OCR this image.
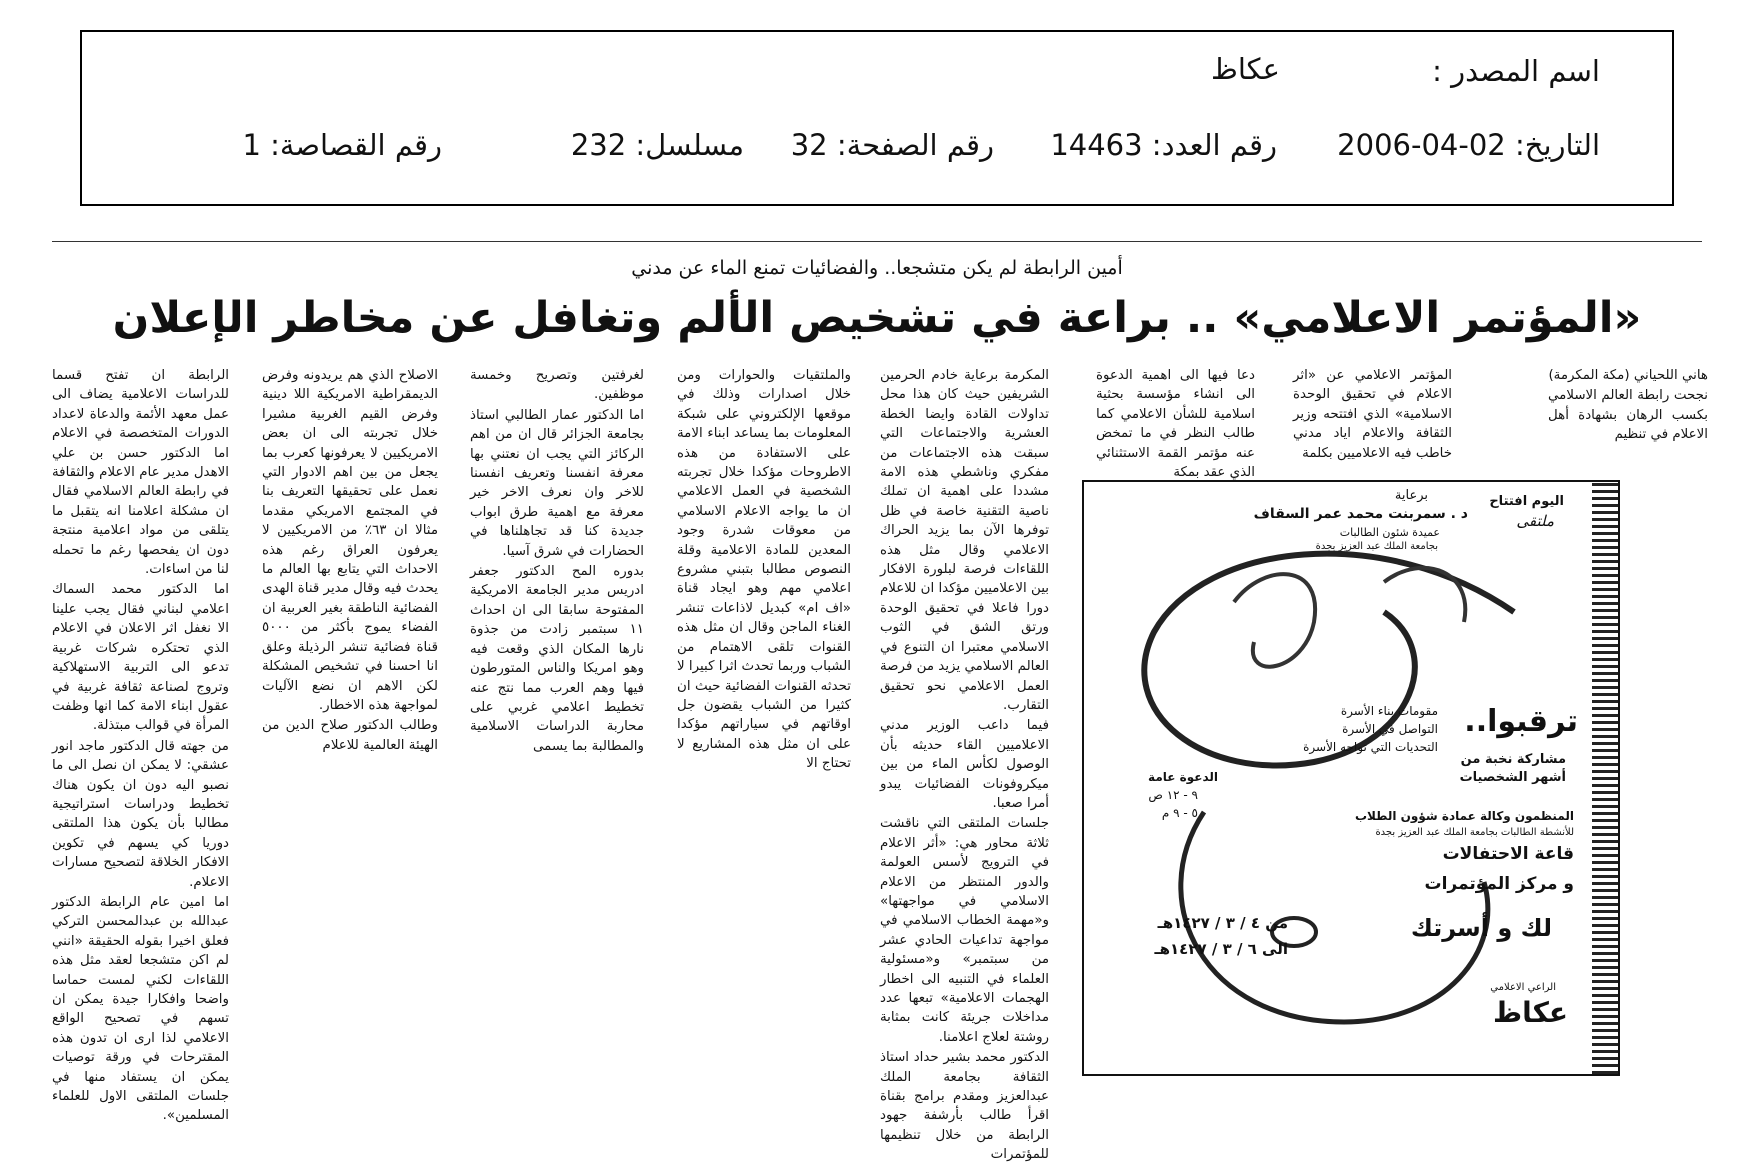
اسم المصدر :
عكاظ
التاريخ: 02-04-2006
رقم العدد: 14463
رقم الصفحة: 32
مسلسل: 232
رقم القصاصة: 1
أمين الرابطة لم يكن متشجعا.. والفضائيات تمنع الماء عن مدني
«المؤتمر الاعلامي» .. براعة في تشخيص الألم وتغافل عن مخاطر الإعلان

هاني اللحياني (مكة المكرمة)

نجحت رابطة العالم الاسلامي بكسب الرهان بشهادة أهل الاعلام في تنظيم

المؤتمر الاعلامي عن «اثر الاعلام في تحقيق الوحدة الاسلامية» الذي افتتحه وزير الثقافة والاعلام اياد مدني خاطب فيه الاعلاميين بكلمة

دعا فيها الى اهمية الدعوة الى انشاء مؤسسة بحثية اسلامية للشأن الاعلامي كما طالب النظر في ما تمخض عنه مؤتمر القمة الاستثنائي الذي عقد بمكة

المكرمة برعاية خادم الحرمين الشريفين حيث كان هذا محل تداولات القادة وايضا الخطة العشرية والاجتماعات التي سبقت هذه الاجتماعات من مفكري وناشطي هذه الامة مشددا على اهمية ان تملك ناصية التقنية خاصة في ظل توفرها الآن بما يزيد الحراك الاعلامي وقال مثل هذه اللقاءات فرصة لبلورة الافكار بين الاعلاميين مؤكدا ان للاعلام دورا فاعلا في تحقيق الوحدة ورتق الشق في الثوب الاسلامي معتبرا ان التنوع في العالم الاسلامي يزيد من فرصة العمل الاعلامي نحو تحقيق التقارب.

فيما داعب الوزير مدني الاعلاميين القاء حديثه بأن الوصول لكأس الماء من بين ميكروفونات الفضائيات يبدو أمرا صعبا.

جلسات الملتقى التي ناقشت ثلاثة محاور هي: «أثر الاعلام في الترويج لأسس العولمة والدور المنتظر من الاعلام الاسلامي في مواجهتها» و«مهمة الخطاب الاسلامي في مواجهة تداعيات الحادي عشر من سبتمبر» و«مسئولية العلماء في التنبيه الى اخطار الهجمات الاعلامية» تبعها عدد مداخلات جريئة كانت بمثابة روشتة لعلاج اعلامنا.

الدكتور محمد بشير حداد استاذ الثقافة بجامعة الملك عبدالعزيز ومقدم برامج بقناة اقرأ طالب بأرشفة جهود الرابطة من خلال تنظيمها للمؤتمرات

والملتقيات والحوارات ومن خلال اصدارات وذلك في موقعها الإلكتروني على شبكة المعلومات بما يساعد ابناء الامة على الاستفادة من هذه الاطروحات مؤكدا خلال تجربته الشخصية في العمل الاعلامي ان ما يواجه الاعلام الاسلامي من معوقات شدرة وجود المعدين للمادة الاعلامية وقلة النصوص مطالبا بتبني مشروع اعلامي مهم وهو ايجاد قناة «اف ام» كبديل لاذاعات تنشر الغناء الماجن وقال ان مثل هذه القنوات تلقى الاهتمام من الشباب وربما تحدث اثرا كبيرا لا تحدثه القنوات الفضائية حيث ان كثيرا من الشباب يقضون جل اوقاتهم في سياراتهم مؤكدا على ان مثل هذه المشاريع لا تحتاج الا

لغرفتين وتصريح وخمسة موظفين.

اما الدكتور عمار الطالبي استاذ بجامعة الجزائر قال ان من اهم الركائز التي يجب ان نعتني بها معرفة انفسنا وتعريف انفسنا للاخر وان نعرف الاخر خير معرفة مع اهمية طرق ابواب جديدة كنا قد تجاهلناها في الحضارات في شرق آسيا.

بدوره المح الدكتور جعفر ادريس مدير الجامعة الامريكية المفتوحة سابقا الى ان احداث ١١ سبتمبر زادت من جذوة نارها المكان الذي وقعت فيه وهو امريكا والناس المتورطون فيها وهم العرب مما نتج عنه تخطيط اعلامي غربي على محاربة الدراسات الاسلامية والمطالبة بما يسمى

الاصلاح الذي هم يريدونه وفرض الديمقراطية الامريكية اللا دينية وفرض القيم الغربية مشيرا خلال تجربته الى ان بعض الامريكيين لا يعرفونها كعرب بما يجعل من بين اهم الادوار التي نعمل على تحقيقها التعريف بنا في المجتمع الامريكي مقدما مثالا ان ٦٣٪ من الامريكيين لا يعرفون العراق رغم هذه الاحداث التي يتابع بها العالم ما يحدث فيه وقال مدير قناة الهدى الفضائية الناطقة بغير العربية ان الفضاء يموج بأكثر من ٥٠٠٠ قناة فضائية تنشر الرذيلة وعلق انا احسنا في تشخيص المشكلة لكن الاهم ان نضع الآليات لمواجهة هذه الاخطار.

وطالب الدكتور صلاح الدين من الهيئة العالمية للاعلام

الرابطة ان تفتح قسما للدراسات الاعلامية يضاف الى عمل معهد الأئمة والدعاة لاعداد الدورات المتخصصة في الاعلام اما الدكتور حسن بن علي الاهدل مدير عام الاعلام والثقافة في رابطة العالم الاسلامي فقال ان مشكلة اعلامنا انه يتقبل ما يتلقى من مواد اعلامية منتجة دون ان يفحصها رغم ما تحمله لنا من اساءات.

اما الدكتور محمد السماك اعلامي لبناني فقال يجب علينا الا نغفل اثر الاعلان في الاعلام الذي تحتكره شركات غربية تدعو الى التربية الاستهلاكية وتروج لصناعة ثقافة غربية في عقول ابناء الامة كما انها وظفت المرأة في قوالب مبتذلة.

من جهته قال الدكتور ماجد انور عشقي: لا يمكن ان نصل الى ما نصبو اليه دون ان يكون هناك تخطيط ودراسات استراتيجية مطالبا بأن يكون هذا الملتقى دوريا كي يسهم في تكوين الافكار الخلاقة لتصحيح مسارات الاعلام.

اما امين عام الرابطة الدكتور عبدالله بن عبدالمحسن التركي فعلق اخيرا بقوله الحقيقة «انني لم اكن متشجعا لعقد مثل هذه اللقاءات لكني لمست حماسا واضحا وافكارا جيدة يمكن ان تسهم في تصحيح الواقع الاعلامي لذا ارى ان تدون هذه المقترحات في ورقة توصيات يمكن ان يستفاد منها في جلسات الملتقى الاول للعلماء المسلمين».

اليوم افتتاح
ملتقى
برعاية
د . سمربنت محمد عمر السقاف
عميدة شئون الطالبات
بجامعة الملك عبد العزيز بجدة
مقومات بناء الأسرة
التواصل في الأسرة
التحديات التي تواجه الأسرة
ترقبوا..
مشاركة نخبة من
أشهر الشخصيات
الدعوة عامة
٩ - ١٢ ص
٥ - ٩ م	المنظمون وكالة عمادة شؤون الطلاب
للأنشطة الطالبات بجامعة الملك عبد العزيز بجدة
قاعة الاحتفالات
و مركز المؤتمرات
من ٤ / ٣ / ١٤٢٧هـ
الى ٦ / ٣ / ١٤٢٧هـ
لك و أسرتك
الراعي الاعلامي
عكاظ
